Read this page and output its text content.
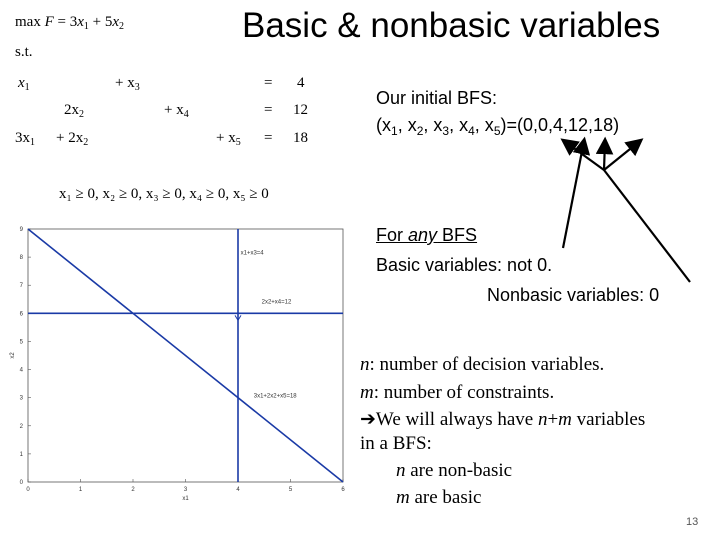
Basic & nonbasic variables
$\max F = 3x_1 + 5x_2$
s.t.
$x_1$	+ $x_3$	= 4
$2x_2$	+ $x_4$	= 12
$3x_1 + 2x_2$	+ $x_5 = 18$
x₁ ≥ 0, x₂ ≥ 0, x₃ ≥ 0, x₄ ≥ 0, x₅ ≥ 0
Our initial BFS:
($x_1$, $x_2$, $x_3$, $x_4$, $x_5)=(0,0,4,12,18)$
For any BFS
Basic variables: not 0.
Nonbasic variables: 0
n: number of decision variables.
m: number of constraints.
➔We will always have n+m variables
in a BFS:
n are non-basic
m are basic
13
0	1	2	3	4	5	6
0
1
2
3
4
5
6
7
8
9
x1
x2
x1+x3=4
2x2+x4=12
3x1+2x2+x5=18
